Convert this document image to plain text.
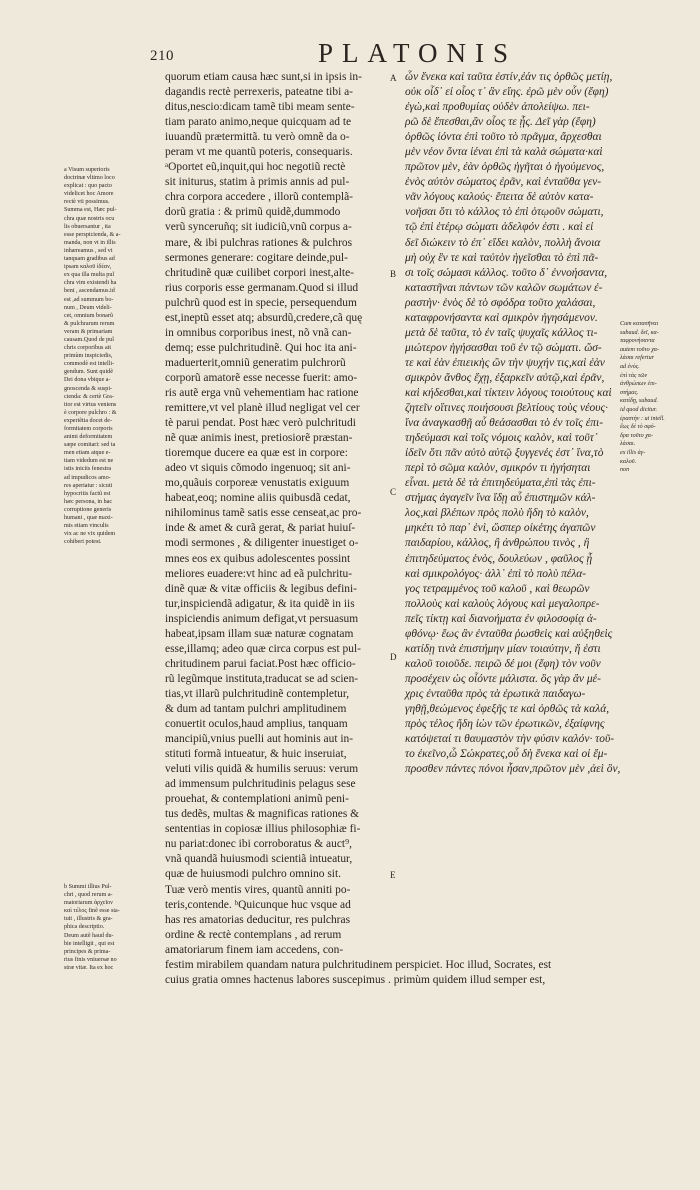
210	PLATONIS

a Visum superioris

doctrinæ vltimo loco

explicat : quo pacto

videlicet hoc Amore

rectè vti possimus.

Summa est, Hæc pul-

chra quæ nostris ocu

lis obuersantur , ita

esse perspicienda, & a-

manda, non vt in illis

inhæreamus , sed vt

tanquam gradibus ad

ipsam καλοῦ ἰδέαν,

ex qua illa multa pul

chra vim existendi ha

bent , ascendamus.id

est ,ad summum bo-

num , Deum videli-

cet, omnium bonarũ

& pulchrarum rerum

veram & primariam

causam.Quod de pul

chris corporibus ait

primùm inspiciedis,

commodè est intelli-

gendum. Sunt quidẽ

Dei dona vbique a-

gnoscenda & suspi-

cienda: & certè Gra-

tior est virtus veniens

è corpore pulchro : &

experiẽtia docet de-

formitatem corporis

animi deformitatem

sæpe comitari: sed ta

men etiam atque e-

tiam videdum est ne

istis iniciis fenestra

ad impudicos amo-

res aperiatur : sicuti

hypocritis factũ est

hæc persona, in hac

corruptione generis

humani , quæ maxi-

mis etiam vinculis

vix ac ne vix quidem

cohiberi potest.

b Summi illius Pul-

chri , quod rerum a-

matoriarum ἀρχεῖον

καὶ τέλος finẽ esse sta-

tuit , illustris & gra-

phica descriptio.

Deum autẽ haud du-

bie intelligit , qui est

principes & prima-

rius finis vniuersæ no

stræ vitæ. Ita ex hoc

quorum etiam causa hæc sunt,si in ipsis in-

dagandis rectè perrexeris, pateatne tibi a-

ditus,nescio:dicam tamẽ tibi meam sente-

tiam parato animo,neque quicquam ad te

iuuandũ prætermittã. tu verò omnẽ da o-

peram vt me quantũ poteris, consequaris.

ᵃOportet eũ,inquit,qui hoc negotiũ rectè

sit initurus, statim à primis annis ad pul-

chra corpora accedere , illorũ contemplã-

dorũ gratia : & primũ quidẽ,dummodo

verũ synceruñq; sit iudiciũ,vnũ corpus a-

mare, & ibi pulchras rationes & pulchros

sermones generare: cogitare deinde,pul-

chritudinẽ quæ cuilibet corpori inest,alte-

rius corporis esse germanam.Quod si illud

pulchrũ quod est in specie, persequendum

est,ineptũ esset atq; absurdũ,credere,cã quę

in omnibus corporibus inest, nõ vnã can-

demq; esse pulchritudinẽ. Qui hoc ita ani-

maduerterit,omniũ generatim pulchrorũ

corporũ amatorẽ esse necesse fuerit: amo-

ris autẽ erga vnũ vehementiam hac ratione

remittere,vt vel planè illud negligat vel cer

tè parui pendat. Post hæc verò pulchritudi

nẽ quæ animis inest, pretiosiorẽ præstan-

tioremque ducere ea quæ est in corpore:

adeo vt siquis cõmodo ingenuoq; sit ani-

mo,quãuis corporeæ venustatis exiguum

habeat,eoq; nomine aliis quibusdã cedat,

nihilominus tamẽ satis esse censeat,ac pro-

inde & amet & curã gerat, & pariat huiuſ-

modi sermones , & diligenter inuestiget o-

mnes eos ex quibus adolescentes possint

meliores euadere:vt hinc ad eã pulchritu-

dinẽ quæ & vitæ officiis & legibus defini-

tur,inspiciendã adigatur, & ita quidẽ in iis

inspiciendis animum defigat,vt persuasum

habeat,ipsam illam suæ naturæ cognatam

esse,illamq; adeo quæ circa corpus est pul-

chritudinem parui faciat.Post hæc officio-

rũ legũmque instituta,traducat se ad scien-

tias,vt illarũ pulchritudinẽ contempletur,

& dum ad tantam pulchri amplitudinem

conuertit oculos,haud amplius, tanquam

mancipiũ,vnius puelli aut hominis aut in-

stituti formã intueatur, & huic inseruiat,

veluti vilis quidã & humilis seruus: verum

ad immensum pulchritudinis pelagus sese

prouehat, & contemplationi animũ peni-

tus dedẽs, multas & magnificas rationes &

sententias in copiosæ illius philosophiæ fi-

nu pariat:donec ibi corroboratus & auct⁹,

vnã quandã huiusmodi scientiã intueatur,

quæ de huiusmodi pulchro omnino sit.

Tuæ verò mentis vires, quantũ anniti po-

teris,contende. ᵇQuicunque huc vsque ad

has res amatorias deducitur, res pulchras

ordine & rectè contemplans , ad rerum

amatoriarum finem iam accedens, con-

festim mirabilem quandam natura pulchritudinem perspiciet. Hoc illud, Socrates, est

cuius gratia omnes hactenus labores suscepimus . primùm quidem illud semper est,

ὧν ἕνεκα καὶ ταῦτα ἐστίν,ἐάν τις ὀρθῶς μετίῃ,

οὐκ οἶδ᾽ εἰ οἷος τ᾽ ἂν εἴης. ἐρῶ μὲν οὖν (ἔφη)

ἐγὼ,καὶ προθυμίας οὐδὲν ἀπολείψω. πει-

ρῶ δὲ ἕπεσθαι,ἂν οἷος τε ᾖς. Δεῖ γὰρ (ἔφη)

ὀρθῶς ἰόντα ἐπὶ τοῦτο τὸ πρᾶγμα, ἄρχεσθαι

μὲν νέον ὄντα ἰέναι ἐπὶ τὰ καλὰ σώματα·καὶ

πρῶτον μὲν, ἐὰν ὀρθῶς ἡγῆται ὁ ἡγούμενος,

ἑνὸς αὐτὸν σώματος ἐρᾶν, καὶ ἐνταῦθα γεν-

νᾶν λόγους καλούς· ἔπειτα δὲ αὐτὸν κατα-

νοῆσαι ὅτι τὸ κάλλος τὸ ἐπὶ ὁτῳοῦν σώματι,

τῷ ἐπὶ ἑτέρῳ σώματι ἀδελφόν ἐστι . καὶ εἰ

δεῖ διώκειν τὸ ἐπ᾽ εἴδει καλὸν, πολλὴ ἄνοια

μὴ οὐχ ἓν τε καὶ ταὐτὸν ἡγεῖσθαι τὸ ἐπὶ πᾶ-

σι τοῖς σώμασι κάλλος. τοῦτο δ᾽ ἐννοήσαντα,

καταστῆναι πάντων τῶν καλῶν σωμάτων ἐ-

ραστὴν· ἑνὸς δὲ τὸ σφόδρα τοῦτο χαλάσαι,

καταφρονήσαντα καὶ σμικρὸν ἡγησάμενον.

μετὰ δὲ ταῦτα, τὸ ἐν ταῖς ψυχαῖς κάλλος τι-

μιώτερον ἡγήσασθαι τοῦ ἐν τῷ σώματι. ὥσ-

τε καὶ ἐὰν ἐπιεικὴς ὢν τὴν ψυχήν τις,καὶ ἐὰν

σμικρὸν ἄνθος ἔχῃ, ἐξαρκεῖν αὐτῷ,καὶ ἐρᾶν,

καὶ κήδεσθαι,καὶ τίκτειν λόγους τοιούτους καὶ

ζητεῖν οἵτινες ποιήσουσι βελτίους τοὺς νέους·

ἵνα ἀναγκασθῇ αὖ θεάσασθαι τὸ ἐν τοῖς ἐπι-

τηδεύμασι καὶ τοῖς νόμοις καλὸν, καὶ τοῦτ᾽

ἰδεῖν ὅτι πᾶν αὐτὸ αὑτῷ ξυγγενές ἐστ᾽ ἵνα,τὸ

περὶ τὸ σῶμα καλὸν, σμικρόν τι ἡγήσηται

εἶναι. μετὰ δὲ τὰ ἐπιτηδεύματα,ἐπὶ τὰς ἐπι-

στήμας ἀγαγεῖν ἵνα ἴδῃ αὖ ἐπιστημῶν κάλ-

λος,καὶ βλέπων πρὸς πολὺ ἤδη τὸ καλὸν,

μηκέτι τὸ παρ᾽ ἑνὶ, ὥσπερ οἰκέτης ἀγαπῶν

παιδαρίου, κάλλος, ἢ ἀνθρώπου τινὸς , ἢ

ἐπιτηδεύματος ἑνὸς, δουλεύων , φαῦλος ᾖ

καὶ σμικρολόγος· ἀλλ᾽ ἐπὶ τὸ πολὺ πέλα-

γος τετραμμένος τοῦ καλοῦ , καὶ θεωρῶν

πολλοὺς καὶ καλοὺς λόγους καὶ μεγαλοπρε-

πεῖς τίκτῃ καὶ διανοήματα ἐν φιλοσοφίᾳ ἀ-

φθόνῳ· ἕως ἂν ἐνταῦθα ῥωσθεὶς καὶ αὐξηθεὶς

κατίδῃ τινὰ ἐπιστήμην μίαν τοιαύτην, ἥ ἐστι

καλοῦ τοιοῦδε. πειρῶ δέ μοι (ἔφη) τὸν νοῦν

προσέχειν ὡς οἷόντε μάλιστα. ὃς γὰρ ἂν μέ-

χρις ἐνταῦθα πρὸς τὰ ἐρωτικὰ παιδαγω-

γηθῇ,θεώμενος ἐφεξῆς τε καὶ ὀρθῶς τὰ καλά,

πρὸς τέλος ἤδη ἰὼν τῶν ἐρωτικῶν, ἐξαίφνης

κατόψεταί τι θαυμαστὸν τὴν φύσιν καλόν· τοῦ-

το ἐκεῖνο,ὦ Σώκρατες,οὗ δὴ ἕνεκα καὶ οἱ ἔμ-

προσθεν πάντες πόνοι ἦσαν,πρῶτον μὲν ,ἀεὶ ὂν,

A
B
C
D
E

Cum κατασῆναι

subaud. δεῖ, κα-

ταφρονήσαντα

autem τοῦτο χα-

λάσαι refertur

ad ἑνὸς.

ἐπὶ τὰς τῶν

ἀνθρώπων ἐπι-

στήμας.

κατίδῃ, subaud.

id quod dicitur.

ἐραστὴν : ut intell.

ἕως δὲ τὸ σφό-

δρα τοῦτο χα-

λάσαι.

ex illis ἀγ-

καλοῦ.

non
